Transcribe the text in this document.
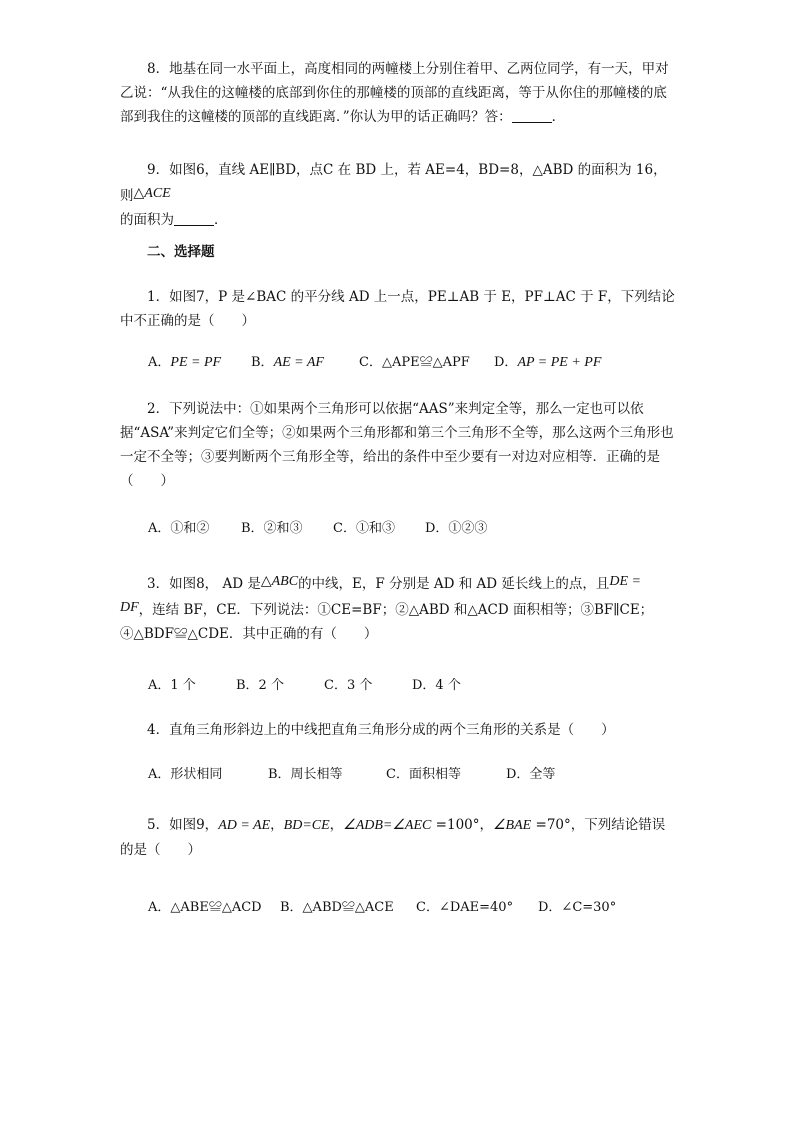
8．地基在同一水平面上，高度相同的两幢楼上分别住着甲、乙两位同学，有一天，甲对乙说：“从我住的这幢楼的底部到你住的那幢楼的顶部的直线距离，等于从你住的那幢楼的底部到我住的这幢楼的顶部的直线距离．”你认为甲的话正确吗？答：	．

9．如图6，直线 AE∥BD，点C 在 BD 上，若 AE=4，BD=8，△ABD 的面积为 16，则△ACE
的面积为	．

二、选择题

1．如图7，P 是∠BAC 的平分线 AD 上一点，PE⊥AB 于 E，PF⊥AC 于 F，下列结论中不正确的是（　　）

A．PE = PF B．AE = AF	C．△APE≌△APF D．AP = PE + PF

2．下列说法中：①如果两个三角形可以依据“AAS”来判定全等，那么一定也可以依据“ASA”来判定它们全等；②如果两个三角形都和第三个三角形不全等，那么这两个三角形也一定不全等；③要判断两个三角形全等，给出的条件中至少要有一对边对应相等．正确的是（　　）

A．①和② B．②和③ C．①和③ D．①②③

3．如图8， AD 是△ABC的中线，E，F 分别是 AD 和 AD 延长线上的点，且DE = DF，连结 BF，CE．下列说法：①CE=BF；②△ABD 和△ACD 面积相等；③BF∥CE；④△BDF≌△CDE．其中正确的有（　　）

A．1 个	B．2 个	C．3 个	D．4 个

4．直角三角形斜边上的中线把直角三角形分成的两个三角形的关系是（　　）

A．形状相同	B．周长相等	C．面积相等	D．全等

5．如图9，AD = AE，BD=CE，∠ADB=∠AEC =100°，∠BAE =70°，下列结论错误的是（　　）

A．△ABE≌△ACD B．△ABD≌△ACE C．∠DAE=40° D．∠C=30°
